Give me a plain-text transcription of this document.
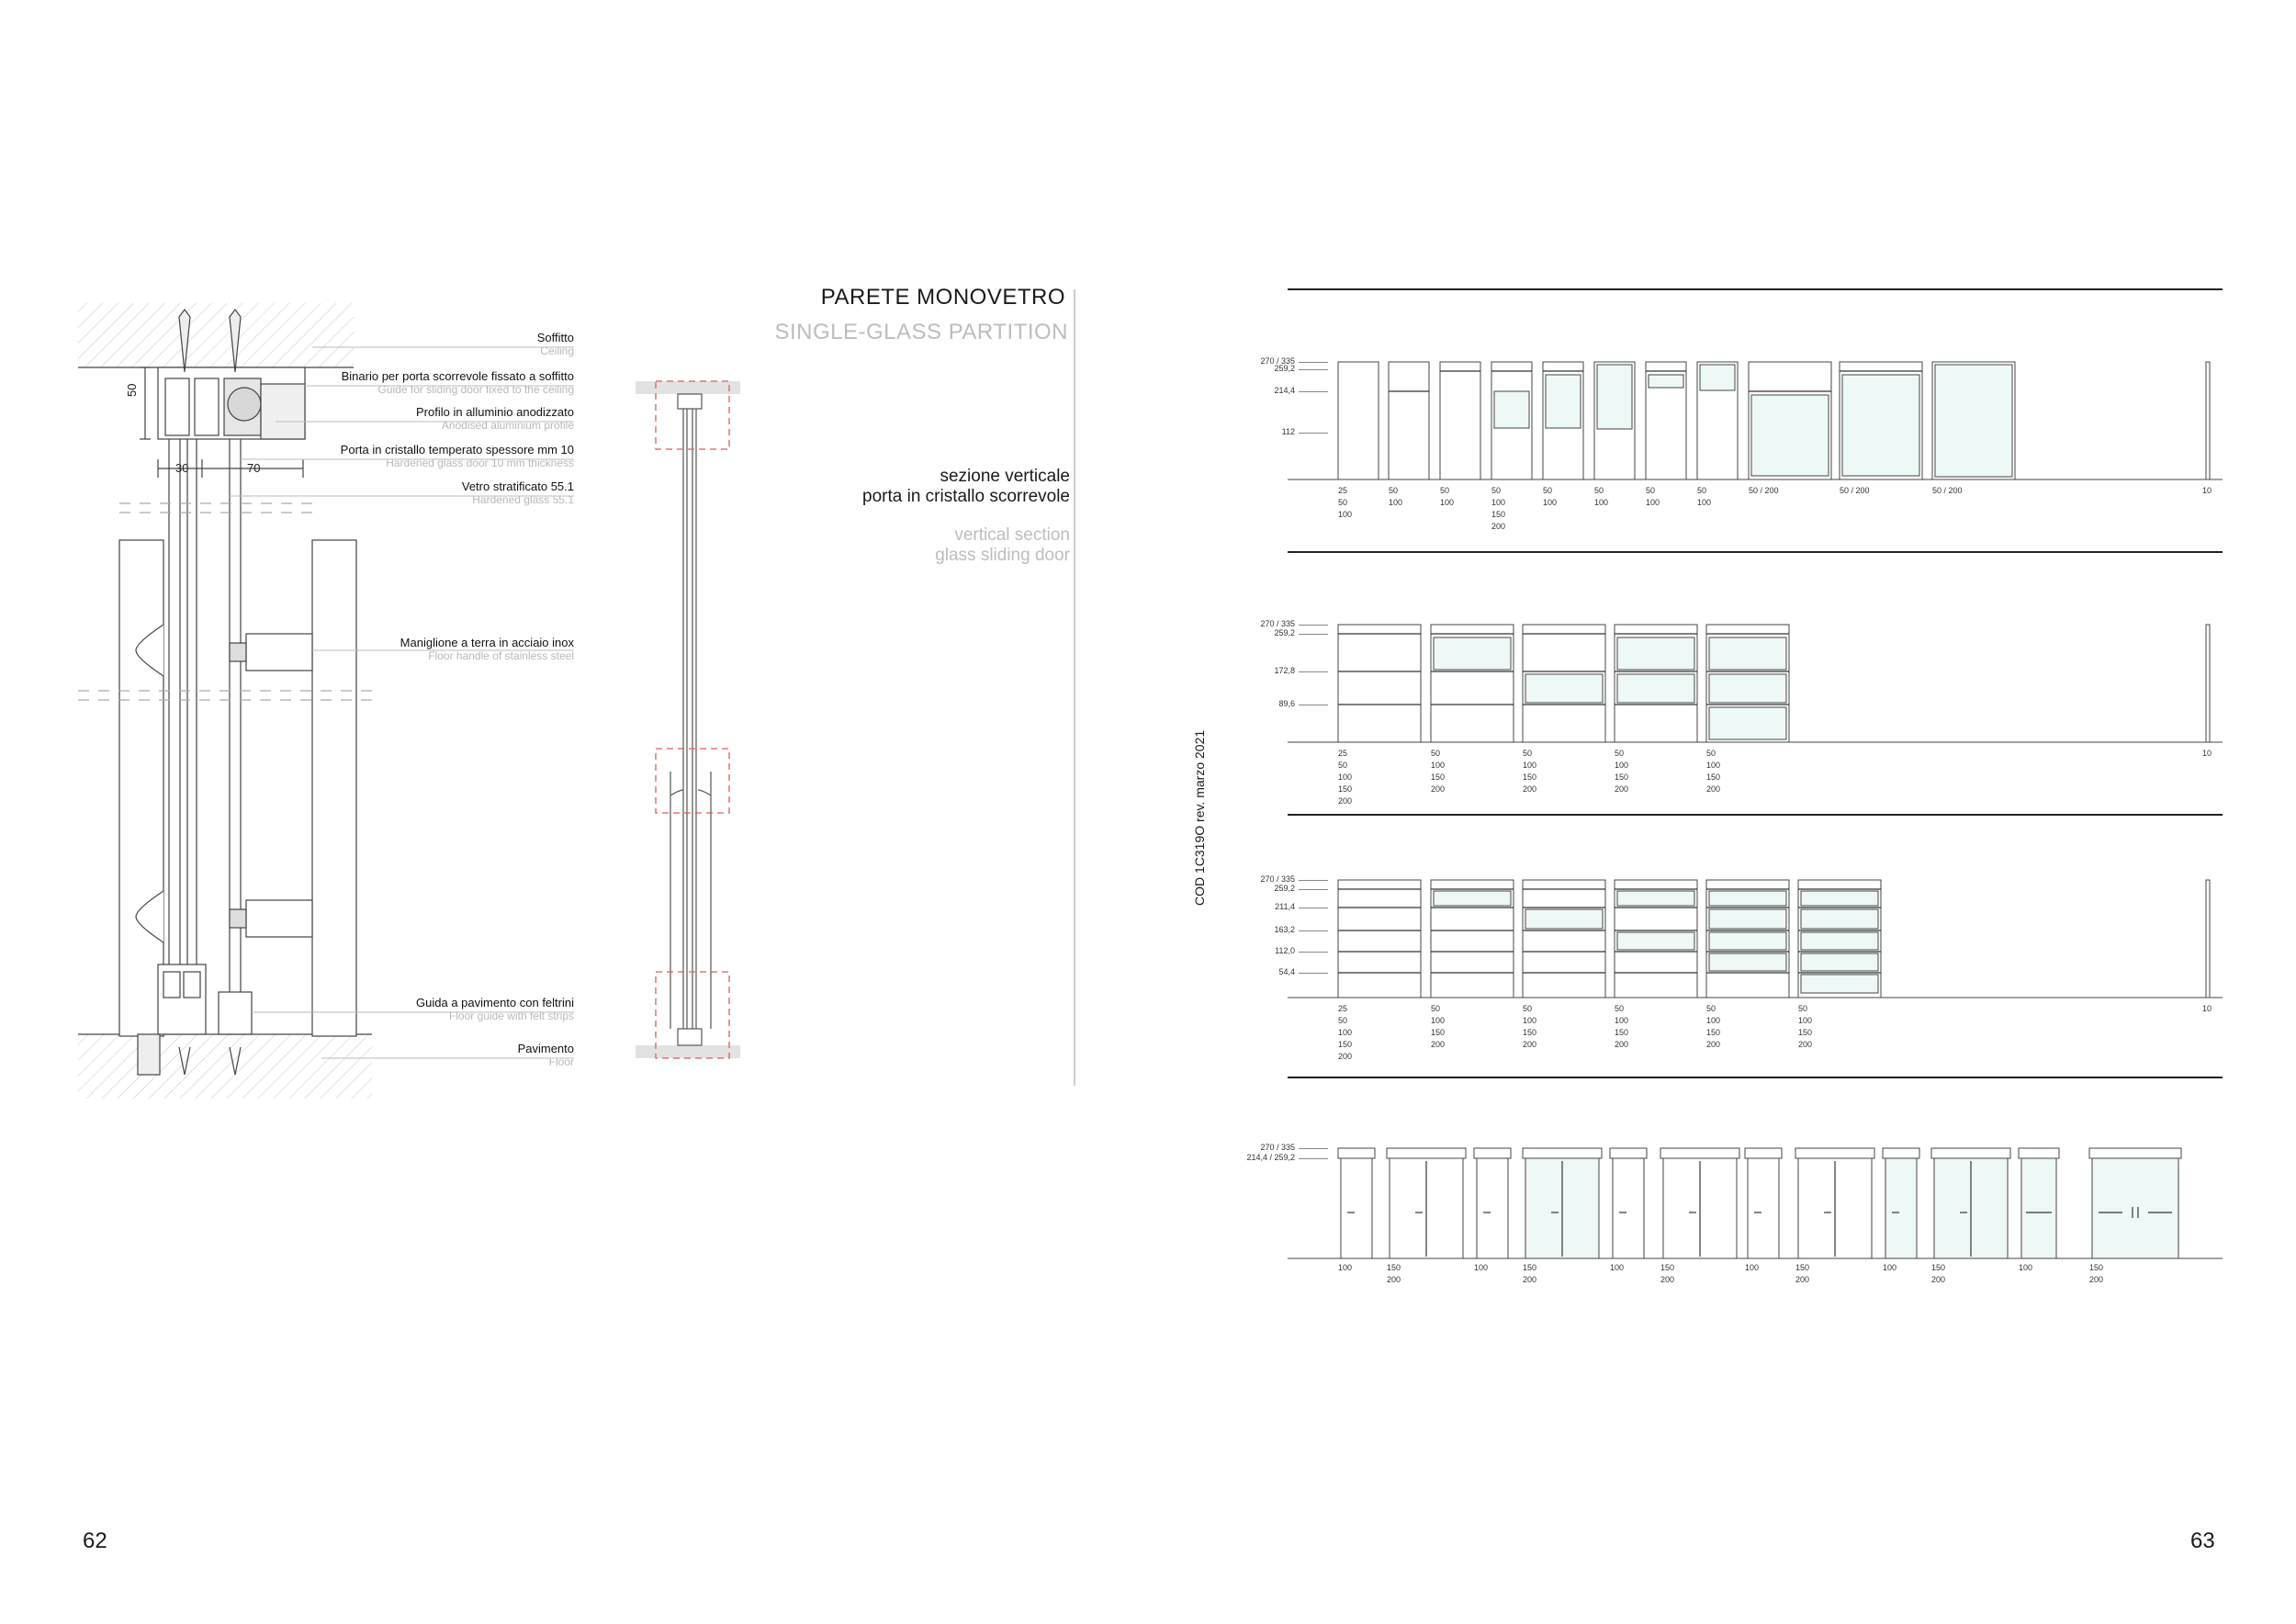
PARETE MONOVETRO
SINGLE-GLASS PARTITION
sezione verticale
porta in cristallo scorrevole
vertical section
glass sliding door
Soffitto
Ceiling
Binario per porta scorrevole fissato a soffitto
Guide for sliding door fixed to the ceiling
Profilo in alluminio anodizzato
Anodised aluminium profile
Porta in cristallo temperato spessore mm 10
Hardened glass door 10 mm thickness
Vetro stratificato 55.1
Hardened glass 55.1
Maniglione a terra in acciaio inox
Floor handle of stainless steel
Guida a pavimento con feltrini
Floor guide with felt strips
Pavimento
Floor
50
30	70
COD 1C319O rev. marzo 2021
62	63
270 / 335
259,2
214,4
112
25
50
100
50
100
50
100
50
100
150
200
50
100
50
100
50
100
50
100
50 / 200	50 / 200	50 / 200	10
270 / 335
259,2
172,8
89,6
25
50
100
150
200
50
100
150
200
50
100
150
200
50
100
150
200
50
100
150
200
10
270 / 335
259,2
211,4
163,2
112,0
54,4
25
50
100
150
200
50
100
150
200
50
100
150
200
50
100
150
200
50
100
150
200
50
100
150
200
10
270 / 335
214,4 / 259,2
100	150
200
100	150
200
100	150
200
100	150
200
100	150
200
100	150
200
